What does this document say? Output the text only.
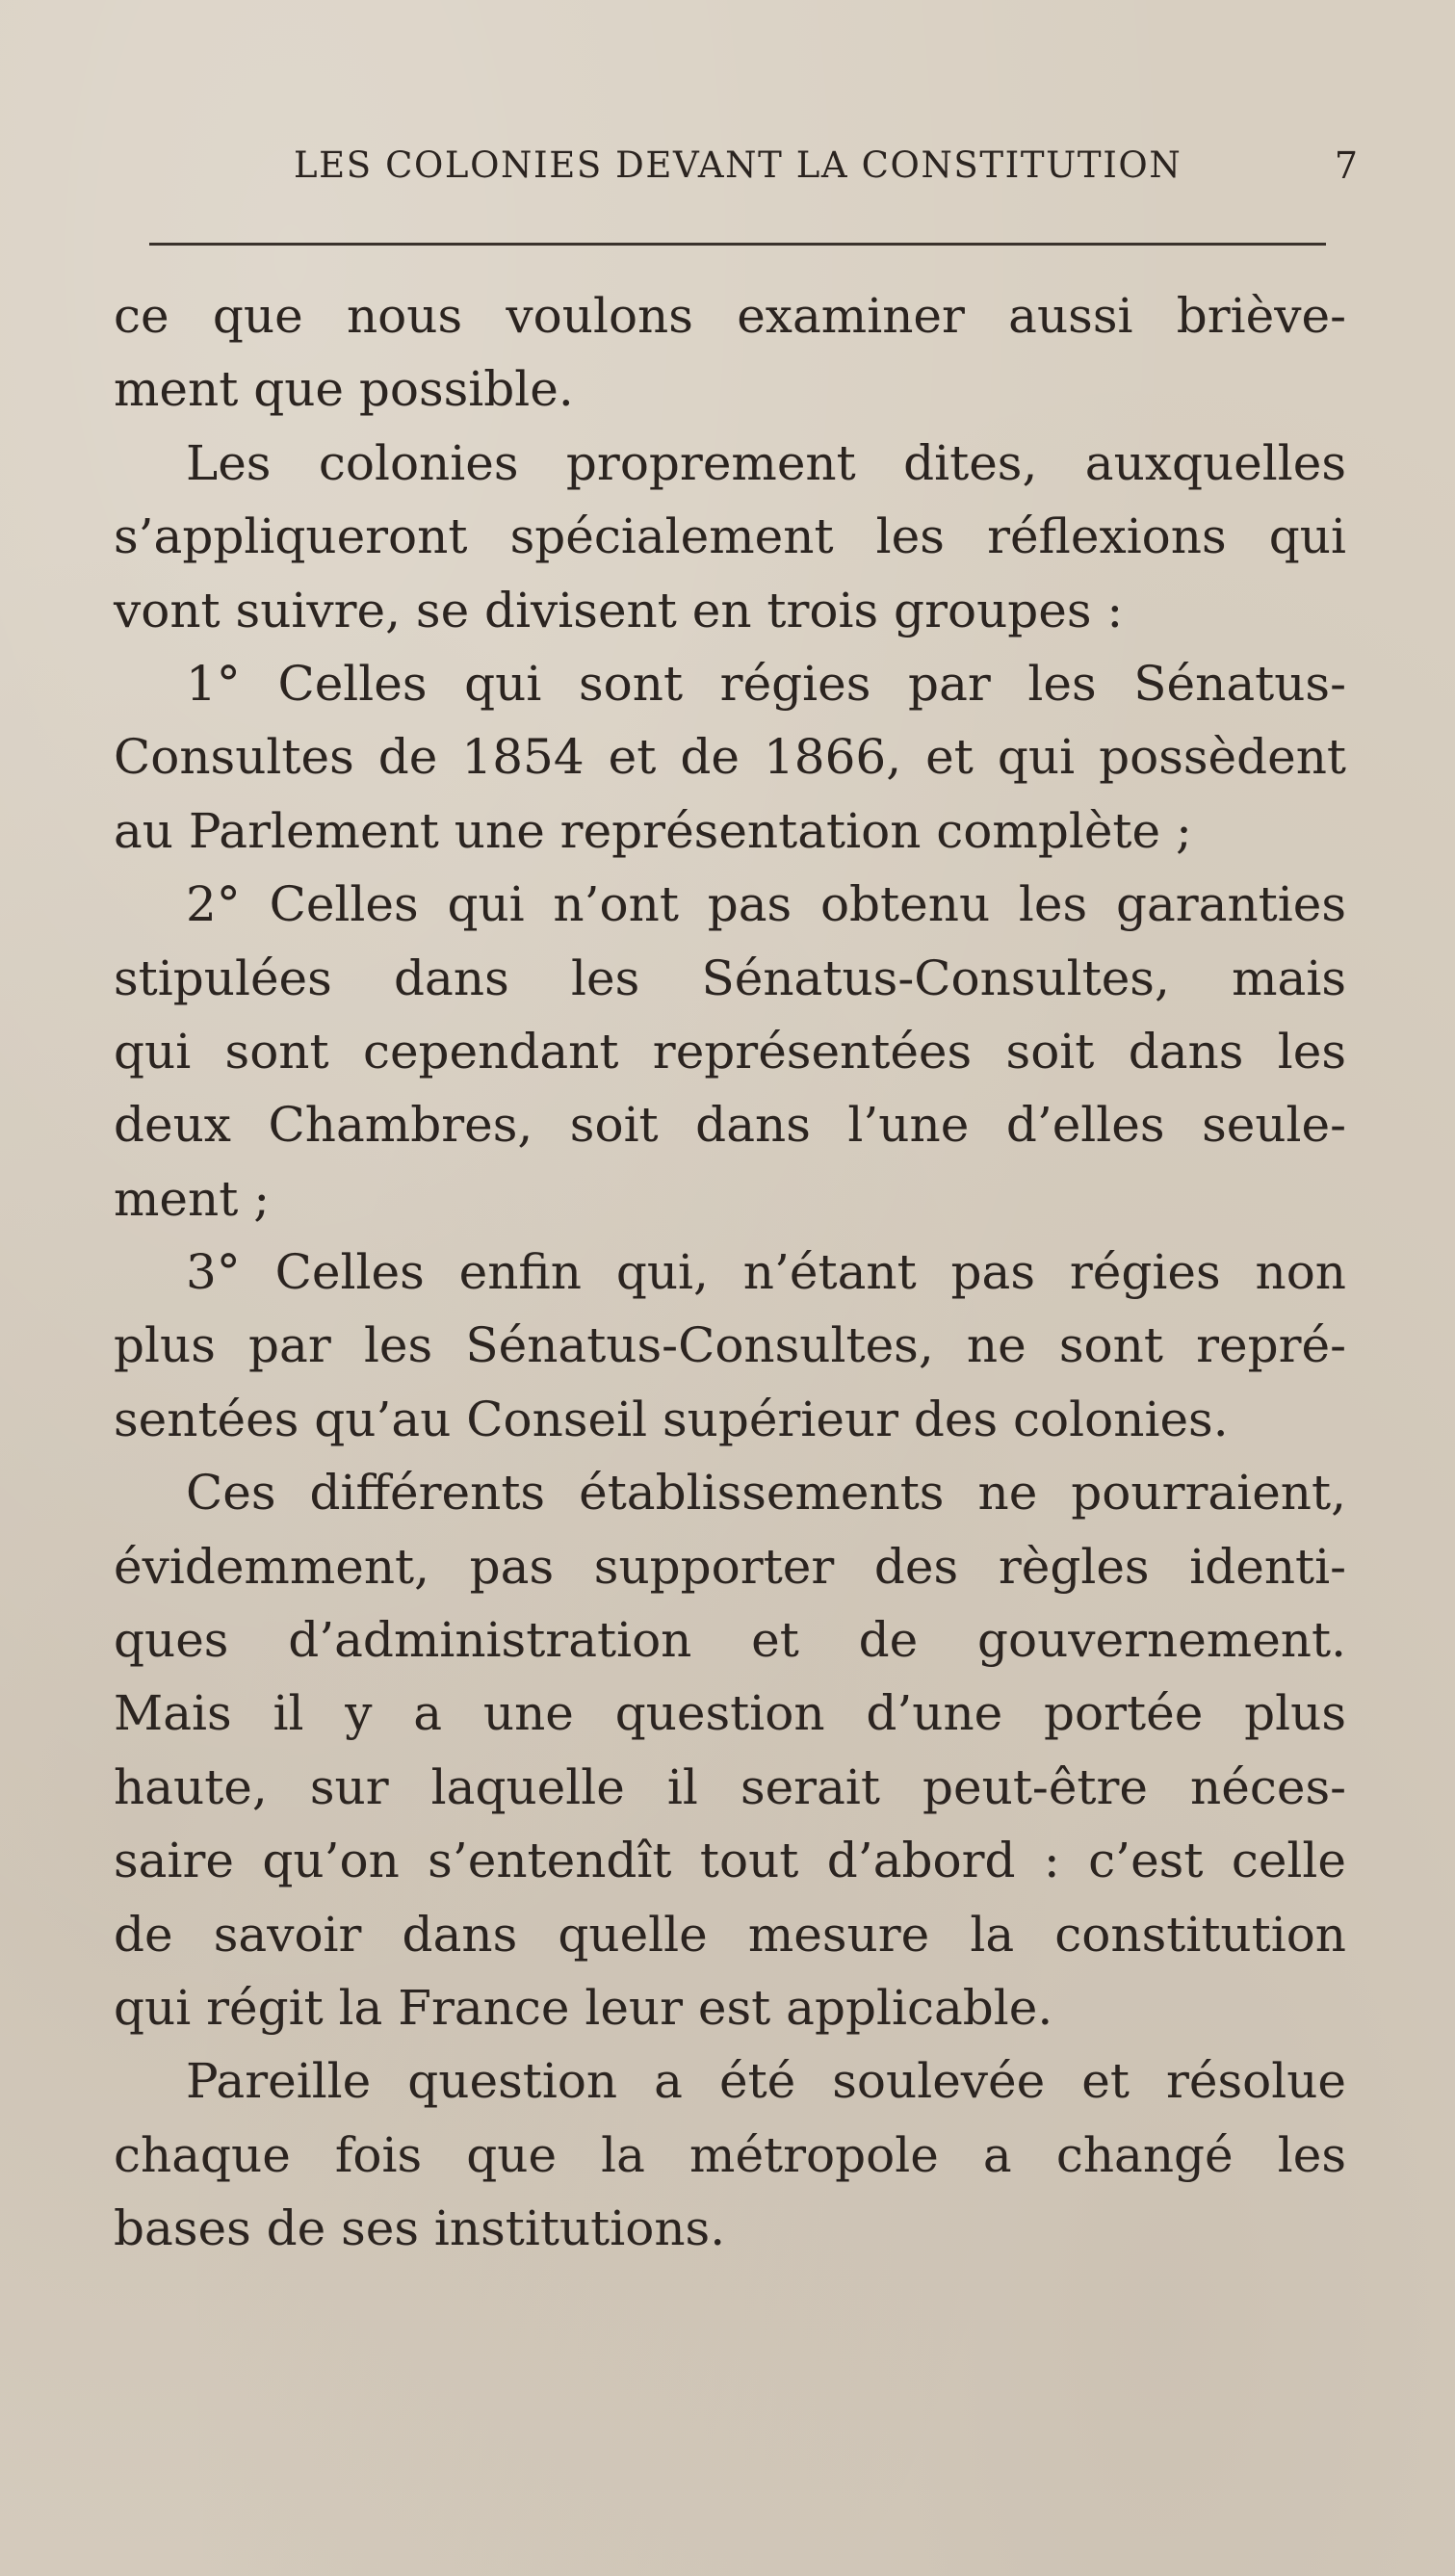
LES COLONIES DEVANT LA CONSTITUTION	7
ce que nous voulons examiner aussi briève-
ment que possible.
Les colonies proprement dites, auxquelles
s’appliqueront spécialement les réflexions qui
vont suivre, se divisent en trois groupes :
1° Celles qui sont régies par les Sénatus-
Consultes de 1854 et de 1866, et qui possèdent
au Parlement une représentation complète ;
2° Celles qui n’ont pas obtenu les garanties
stipulées dans les Sénatus-Consultes, mais
qui sont cependant représentées soit dans les
deux Chambres, soit dans l’une d’elles seule-
ment ;
3° Celles enfin qui, n’étant pas régies non
plus par les Sénatus-Consultes, ne sont repré-
sentées qu’au Conseil supérieur des colonies.
Ces différents établissements ne pourraient,
évidemment, pas supporter des règles identi-
ques d’administration et de gouvernement.
Mais il y a une question d’une portée plus
haute, sur laquelle il serait peut-être néces-
saire qu’on s’entendît tout d’abord : c’est celle
de savoir dans quelle mesure la constitution
qui régit la France leur est applicable.
Pareille question a été soulevée et résolue
chaque fois que la métropole a changé les
bases de ses institutions.
